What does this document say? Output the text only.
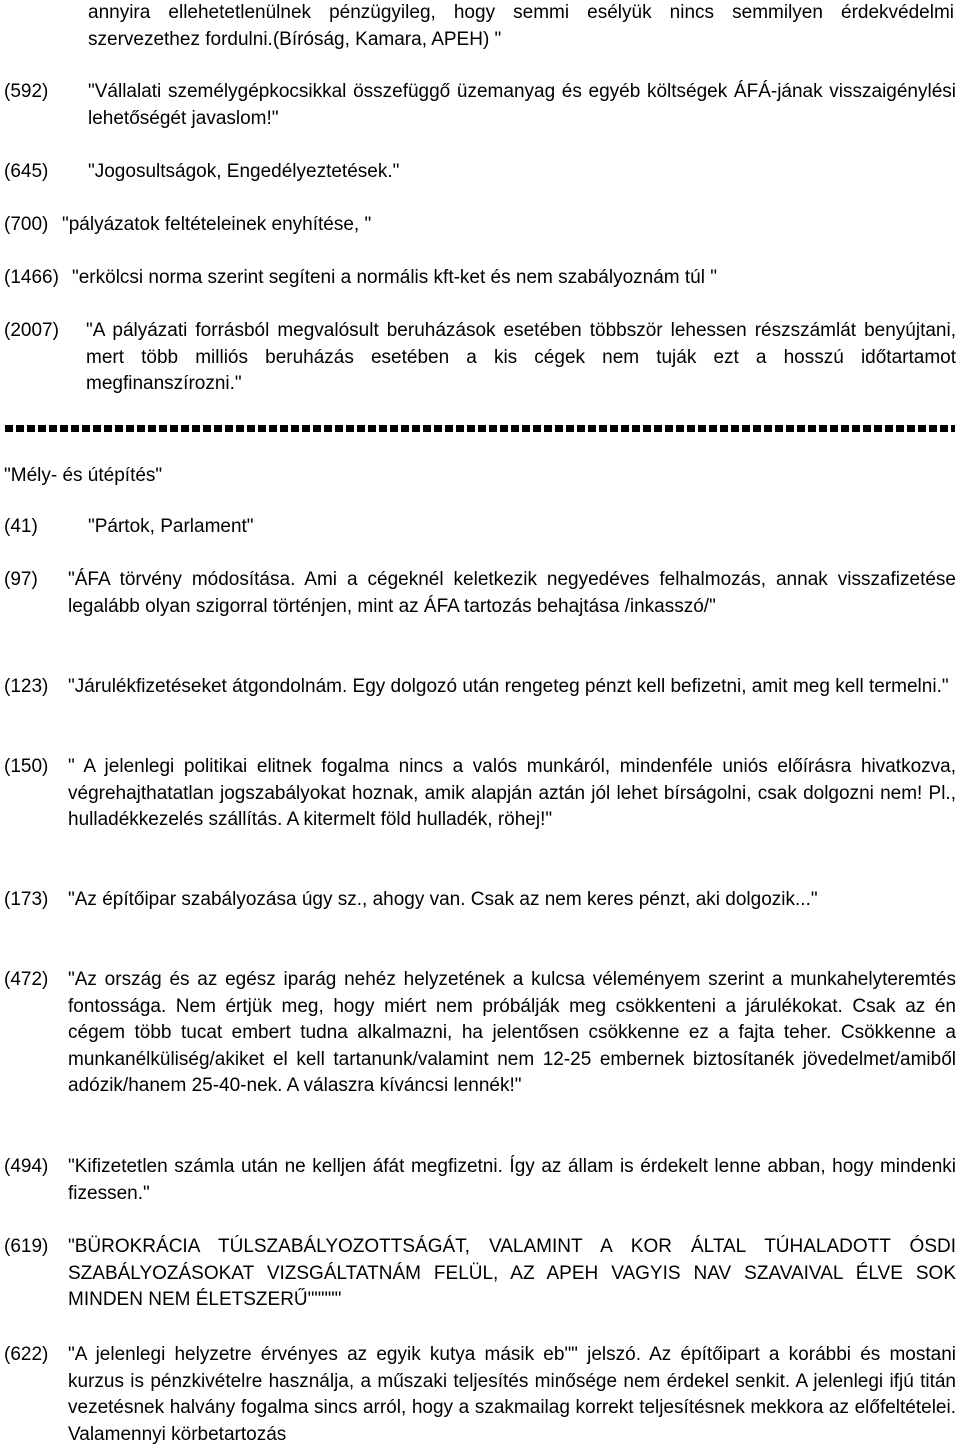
annyira ellehetetlenülnek pénzügyileg, hogy semmi esélyük nincs semmilyen érdekvédelmi szervezethez fordulni.(Bíróság, Kamara, APEH) "
(592) "Vállalati személygépkocsikkal összefüggő üzemanyag és egyéb költségek ÁFÁ-jának visszaigénylési lehetőségét javaslom!"
(645) "Jogosultságok, Engedélyeztetések."
(700) "pályázatok feltételeinek enyhítése, "
(1466) "erkölcsi norma szerint segíteni a normális kft-ket és nem szabályoznám túl "
(2007) "A pályázati forrásból megvalósult beruházások esetében többször lehessen részszámlát benyújtani, mert több milliós beruházás esetében a kis cégek nem tuják ezt a hosszú időtartamot megfinanszírozni."
"Mély- és útépítés"
(41)	"Pártok, Parlament"
(97) "ÁFA törvény módosítása. Ami a cégeknél keletkezik negyedéves felhalmozás, annak visszafizetése legalább olyan szigorral történjen, mint az ÁFA tartozás behajtása /inkasszó/"
(123) "Járulékfizetéseket átgondolnám. Egy dolgozó után rengeteg pénzt kell befizetni, amit meg kell termelni."
(150) " A jelenlegi politikai elitnek fogalma nincs a valós munkáról, mindenféle uniós előírásra hivatkozva, végrehajthatatlan jogszabályokat hoznak, amik alapján aztán jól lehet bírságolni, csak dolgozni nem! Pl., hulladékkezelés szállítás. A kitermelt föld hulladék, röhej!"
(173) "Az építőipar szabályozása úgy sz., ahogy van. Csak az nem keres pénzt, aki dolgozik..."
(472) "Az ország és az egész iparág nehéz helyzetének a kulcsa véleményem szerint a munkahelyteremtés fontossága. Nem értjük meg, hogy miért nem próbálják meg csökkenteni a járulékokat. Csak az én cégem több tucat embert tudna alkalmazni, ha jelentősen csökkenne ez a fajta teher. Csökkenne a munkanélküliség/akiket el kell tartanunk/valamint nem 12-25 embernek biztosítanék jövedelmet/amiből adózik/hanem 25-40-nek. A válaszra kíváncsi lennék!"
(494) "Kifizetetlen számla után ne kelljen áfát megfizetni. Így az állam is érdekelt lenne abban, hogy mindenki fizessen."
(619) "BÜROKRÁCIA TÚLSZABÁLYOZOTTSÁGÁT, VALAMINT A KOR ÁLTAL TÚHALADOTT ÓSDI SZABÁLYOZÁSOKAT VIZSGÁLTATNÁM FELÜL, AZ APEH VAGYIS NAV SZAVAIVAL ÉLVE SOK MINDEN NEM ÉLETSZERŰ"""""
(622) "A jelenlegi helyzetre érvényes az egyik kutya másik eb"" jelszó. Az építőipart a korábbi és mostani kurzus is pénzkivételre használja, a műszaki teljesítés minősége nem érdekel senkit. A jelenlegi ifjú titán vezetésnek halvány fogalma sincs arról, hogy a szakmailag korrekt teljesítésnek mekkora az előfeltételei. Valamennyi körbetartozás
